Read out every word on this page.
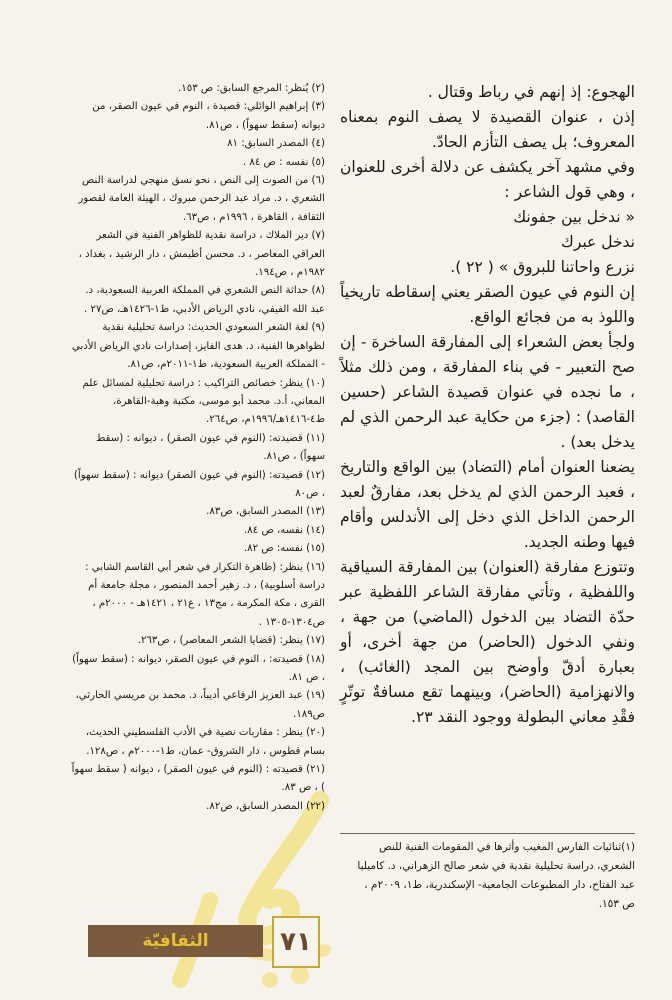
الهجوع: إذ إنهم في رباط وقتال .

إذن ، عنوان القصيدة لا يصف النوم بمعناه المعروف؛ بل يصف التأزم الحادّ.

وفي مشهد آخر يكشف عن دلالة أخرى للعنوان ، وهي قول الشاعر :

« ندخل بين جفونك

ندخل عبرك

نزرع واحاتنا للبروق » ( ٢٢ ).

إن النوم في عيون الصقر يعني إسقاطه تاريخياً واللوذ به من فجائع الواقع.

ولجأ بعض الشعراء إلى المفارقة الساخرة - إن صح التعبير - في بناء المفارقة ، ومن ذلك مثلاً ، ما نجده في عنوان قصيدة الشاعر (حسين القاصد) : (جزء من حكاية عبد الرحمن الذي لم يدخل بعد) .

يضعنا العنوان أمام (التضاد) بين الواقع والتاريخ ، فعبد الرحمن الذي لم يدخل بعد، مفارقٌ لعبد الرحمن الداخل الذي دخل إلى الأندلس وأقام فيها وطنه الجديد.

وتتوزع مفارقة (العنوان) بين المفارقة السياقية واللفظية ، وتأتي مفارقة الشاعر اللفظية عبر حدّة التضاد بين الدخول (الماضي) من جهة ، ونفي الدخول (الحاضر) من جهة أخرى، أو بعبارة أدقّ وأوضح بين المجد (الغائب) ، والانهزامية (الحاضر)، وبينهما تقع مسافةٌ توتّرٍ فقْدِ معاني البطولة ووجود النقد ٢٣.

(١)ثنائيات الفارس المغيب وأثرها في المقومات الفنية للنص الشعري، دراسة تحليلية نقدية في شعر صالح الزهراني، د. كاميليا عبد الفتاح، دار المطبوعات الجامعية- الإسكندرية، ط١، ٢٠٠٩م ، ص ١٥٣.

(٢) يُنظر: المرجع السابق: ص ١٥٣.

(٣) إبراهيم الوائلي: قصيدة ، النوم في عيون الصقر، من ديوانه (سقط سهواً) ، ص٨١.

(٤) المصدر السابق: ٨١

(٥) نفسه : ص ٨٤ .

(٦) من الصوت إلى النص ، نحو نسق منهجي لدراسة النص الشعري ، د. مراد عبد الرحمن مبروك ، الهيئة العامة لقصور الثقافة ، القاهرة ، ١٩٩٦م ، ص٦٣.

(٧) دير الملاك ، دراسة نقدية للظواهر الفنية في الشعر العراقي المعاصر ، د. محسن أطيمش ، دار الرشيد ، بغداد ، ١٩٨٢م ، ص١٩٤.

(٨) حداثة النص الشعري في المملكة العربية السعودية، د. عبد الله الفيفي، نادي الرياض الأدبي، ط١-١٤٢٦هـ، ص٢٧ .

(٩) لغة الشعر السعودي الحديث: دراسة تحليلية نقدية لظواهرها الفنية، د. هدى الفايز، إصدارات نادي الرياض الأدبي - المملكة العربية السعودية، ط١-٢٠١١م، ص٨١.

(١٠) ينظر: خصائص التراكيب : دراسة تحليلية لمسائل علم المعاني، أ.د. محمد أبو موسى، مكتبة وهبة-القاهرة، ط٤-١٤١٦هـ/١٩٩٦م، ص٢٦٤.

(١١) قصيدته: (النوم في عيون الصقر) ، ديوانه : (سقط سهواً) ، ص٨١.

(١٢) قصيدته: (النوم في عيون الصقر) ديوانه : (سقط سهواً) ، ص٨٠

(١٣) المصدر السابق، ص٨٣.

(١٤) نفسه، ص ٨٤.

(١٥) نفسه: ص ٨٢.

(١٦) ينظر: (ظاهرة التكرار في شعر أبي القاسم الشابي : دراسة أسلوبية) ، د. زهير أحمد المنصور ، مجلة جامعة أم القرى ، مكة المكرمة ، مج١٣ ، ع٢١ ، ١٤٢١هـ - ٢٠٠٠م ، ص١٣٠٤-١٣٠٥ .

(١٧) ينظر: (قضايا الشعر المعاصر) ، ص٢٦٣.

(١٨) قصيدته: ، النوم في عيون الصقر، ديوانه : (سقط سهواً) ، ص ٨١.

(١٩) عبد العزيز الرفاعي أديباً، د. محمد بن مريسي الحارثي، ص١٨٩.

(٢٠) ينظر : مقاربات نصية في الأدب الفلسطيني الحديث، بسام قطوس ، دار الشروق- عمان، ط١-٢٠٠٠م ، ص١٢٨.

(٢١) قصيدته : (النوم في عيون الصقر) ، ديوانه ( سقط سهواً ) ، ص ٨٣.

(٢٢) المصدر السابق، ص٨٢.

الثقافيّة	٧١
